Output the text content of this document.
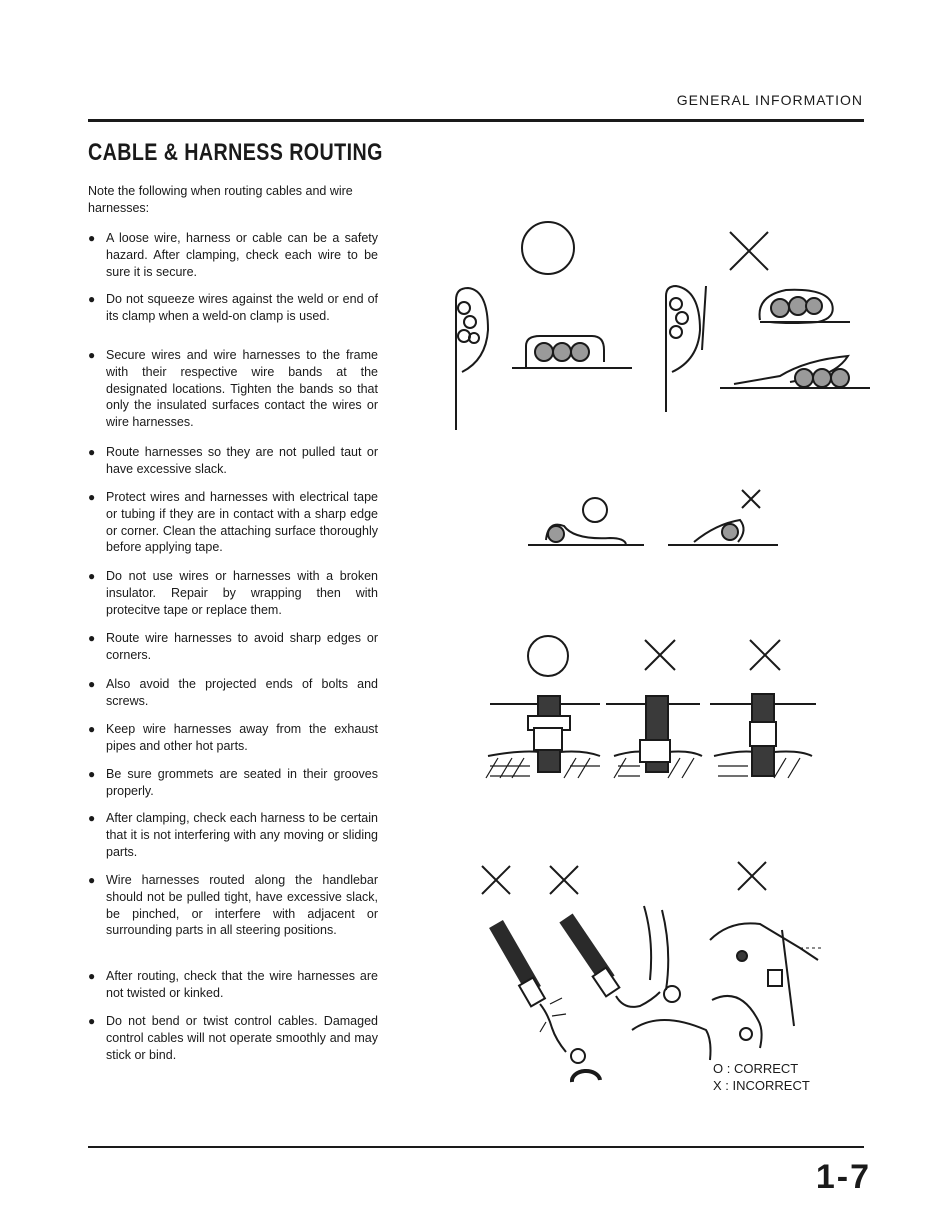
GENERAL INFORMATION
CABLE & HARNESS ROUTING
Note the following when routing cables and wire harnesses:
● A loose wire, harness or cable can be a safety hazard. After clamping, check each wire to be sure it is secure.
● Do not squeeze wires against the weld or end of its clamp when a weld-on clamp is used.
● Secure wires and wire harnesses to the frame with their respective wire bands at the designated locations. Tighten the bands so that only the insulated surfaces contact the wires or wire harnesses.
● Route harnesses so they are not pulled taut or have excessive slack.
● Protect wires and harnesses with electrical tape or tubing if they are in contact with a sharp edge or corner. Clean the attaching surface thoroughly before applying tape.
● Do not use wires or harnesses with a broken insulator. Repair by wrapping then with protecitve tape or replace them.
● Route wire harnesses to avoid sharp edges or corners.
● Also avoid the projected ends of bolts and screws.
● Keep wire harnesses away from the exhaust pipes and other hot parts.
● Be sure grommets are seated in their grooves properly.
● After clamping, check each harness to be certain that it is not interfering with any moving or sliding parts.
● Wire harnesses routed along the handlebar should not be pulled tight, have excessive slack, be pinched, or interfere with adjacent or surrounding parts in all steering positions.
● After routing, check that the wire harnesses are not twisted or kinked.
● Do not bend or twist control cables. Damaged control cables will not operate smoothly and may stick or bind.
O : CORRECT
X : INCORRECT
1-7
